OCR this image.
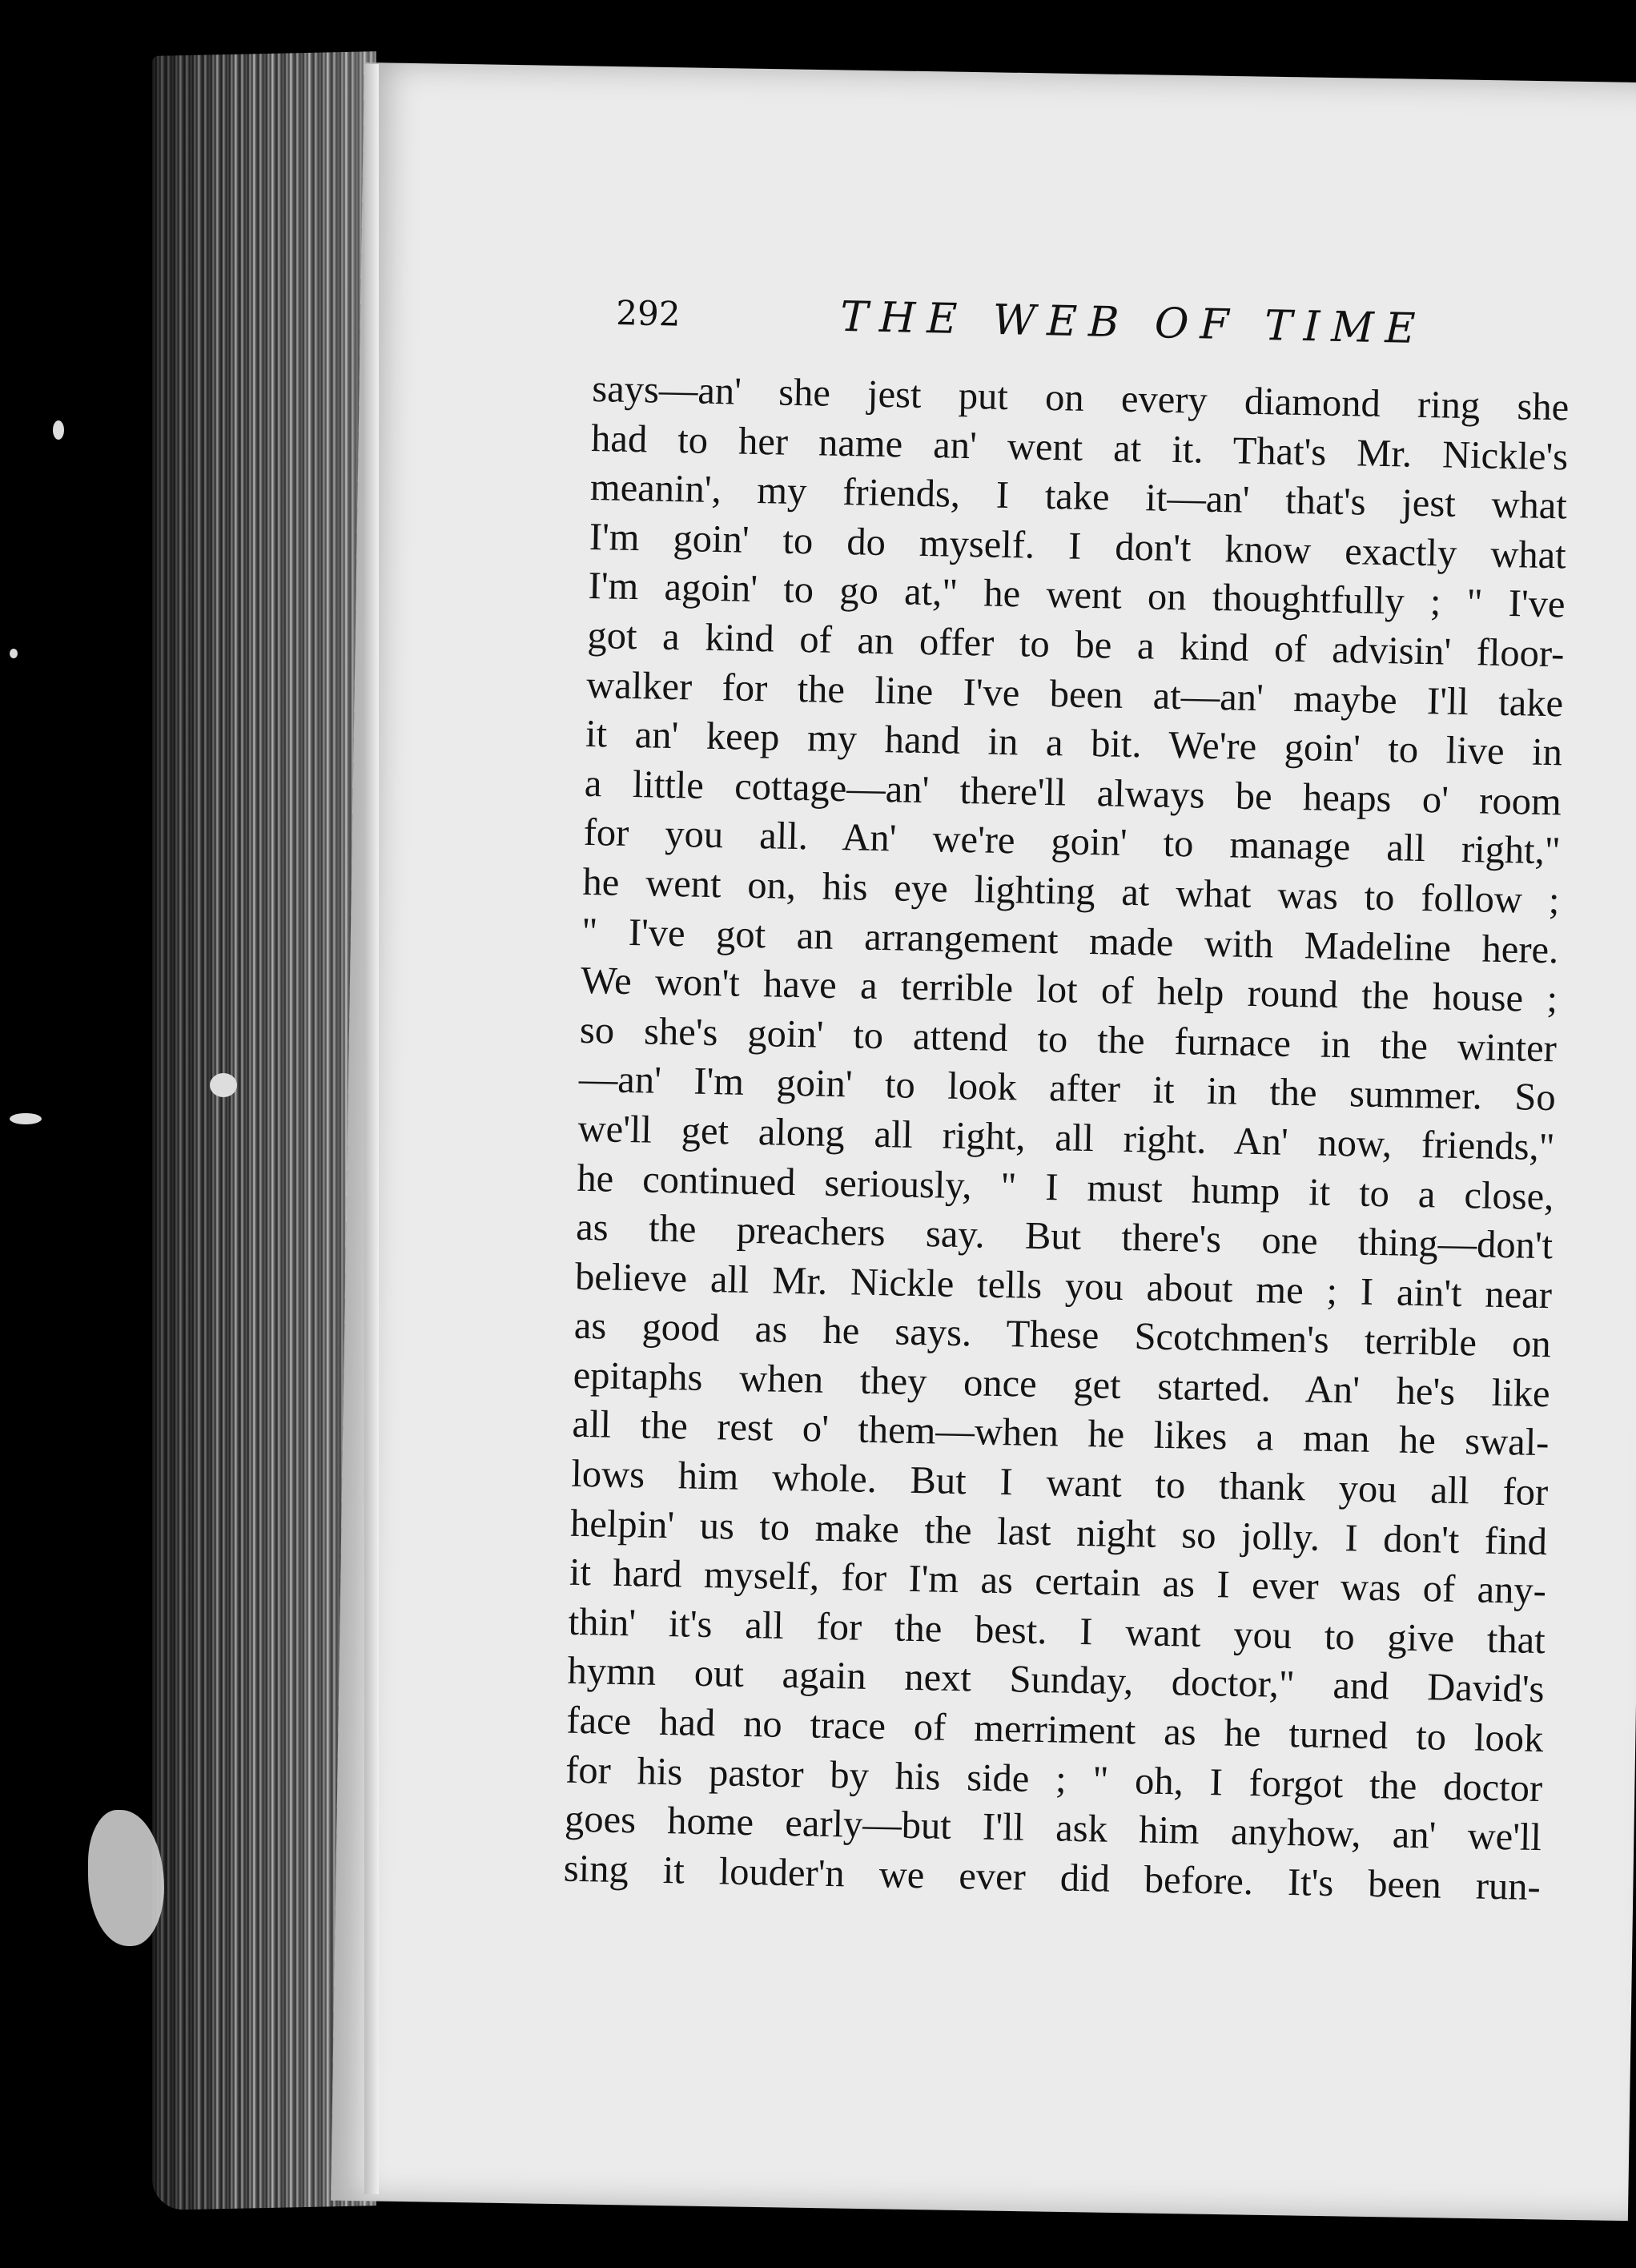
292	THE WEB OF TIME
says—an' she jest put on every diamond ring she
had to her name an' went at it. That's Mr. Nickle's
meanin', my friends, I take it—an' that's jest what
I'm goin' to do myself. I don't know exactly what
I'm agoin' to go at," he went on thoughtfully ; " I've
got a kind of an offer to be a kind of advisin' floor-
walker for the line I've been at—an' maybe I'll take
it an' keep my hand in a bit. We're goin' to live in
a little cottage—an' there'll always be heaps o' room
for you all. An' we're goin' to manage all right,"
he went on, his eye lighting at what was to follow ;
" I've got an arrangement made with Madeline here.
We won't have a terrible lot of help round the house ;
so she's goin' to attend to the furnace in the winter
—an' I'm goin' to look after it in the summer. So
we'll get along all right, all right. An' now, friends,"
he continued seriously, " I must hump it to a close,
as the preachers say. But there's one thing—don't
believe all Mr. Nickle tells you about me ; I ain't near
as good as he says. These Scotchmen's terrible on
epitaphs when they once get started. An' he's like
all the rest o' them—when he likes a man he swal-
lows him whole. But I want to thank you all for
helpin' us to make the last night so jolly. I don't find
it hard myself, for I'm as certain as I ever was of any-
thin' it's all for the best. I want you to give that
hymn out again next Sunday, doctor," and David's
face had no trace of merriment as he turned to look
for his pastor by his side ; " oh, I forgot the doctor
goes home early—but I'll ask him anyhow, an' we'll
sing it louder'n we ever did before. It's been run-
